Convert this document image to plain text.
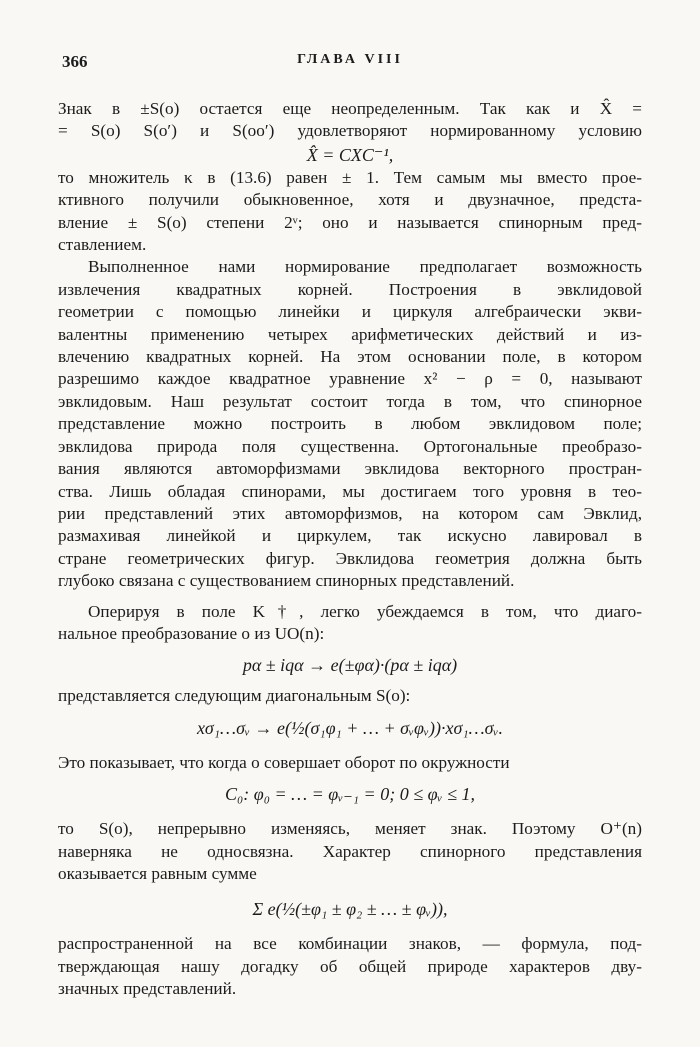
366	ГЛАВА VIII
Знак в ±S(o) остается еще неопределенным. Так как и X̂ =
= S(o) S(o′) и S(oo′) удовлетворяют нормированному условию
X̂ = CXC⁻¹,
то множитель κ в (13.6) равен ± 1. Тем самым мы вместо прое-
ктивного получили обыкновенное, хотя и двузначное, предста-
вление ± S(o) степени 2ᵛ; оно и называется спинорным пред-
ставлением.
Выполненное нами нормирование предполагает возможность
извлечения квадратных корней. Построения в эвклидовой
геометрии с помощью линейки и циркуля алгебраически экви-
валентны применению четырех арифметических действий и из-
влечению квадратных корней. На этом основании поле, в котором
разрешимо каждое квадратное уравнение x² − ρ = 0, называют
эвклидовым. Наш результат состоит тогда в том, что спинорное
представление можно построить в любом эвклидовом поле;
эвклидова природа поля существенна. Ортогональные преобразо-
вания являются автоморфизмами эвклидова векторного простран-
ства. Лишь обладая спинорами, мы достигаем того уровня в тео-
рии представлений этих автоморфизмов, на котором сам Эвклид,
размахивая линейкой и циркулем, так искусно лавировал в
стране геометрических фигур. Эвклидова геометрия должна быть
глубоко связана с существованием спинорных представлений.
Оперируя в поле K†, легко убеждаемся в том, что диаго-
нальное преобразование o из UO(n):
pα ± iqα → e(±φα)·(pα ± iqα)
представляется следующим диагональным S(o):
xσ₁…σᵥ → e(½(σ₁φ₁ + … + σᵥφᵥ))·xσ₁…σᵥ.
Это показывает, что когда o совершает оборот по окружности
C₀: φ₀ = … = φᵥ₋₁ = 0; 0 ≤ φᵥ ≤ 1,
то S(o), непрерывно изменяясь, меняет знак. Поэтому O⁺(n)
наверняка не односвязна. Характер спинорного представления
оказывается равным сумме
Σ e(½(±φ₁ ± φ₂ ± … ± φᵥ)),
распространенной на все комбинации знаков, — формула, под-
тверждающая нашу догадку об общей природе характеров дву-
значных представлений.
